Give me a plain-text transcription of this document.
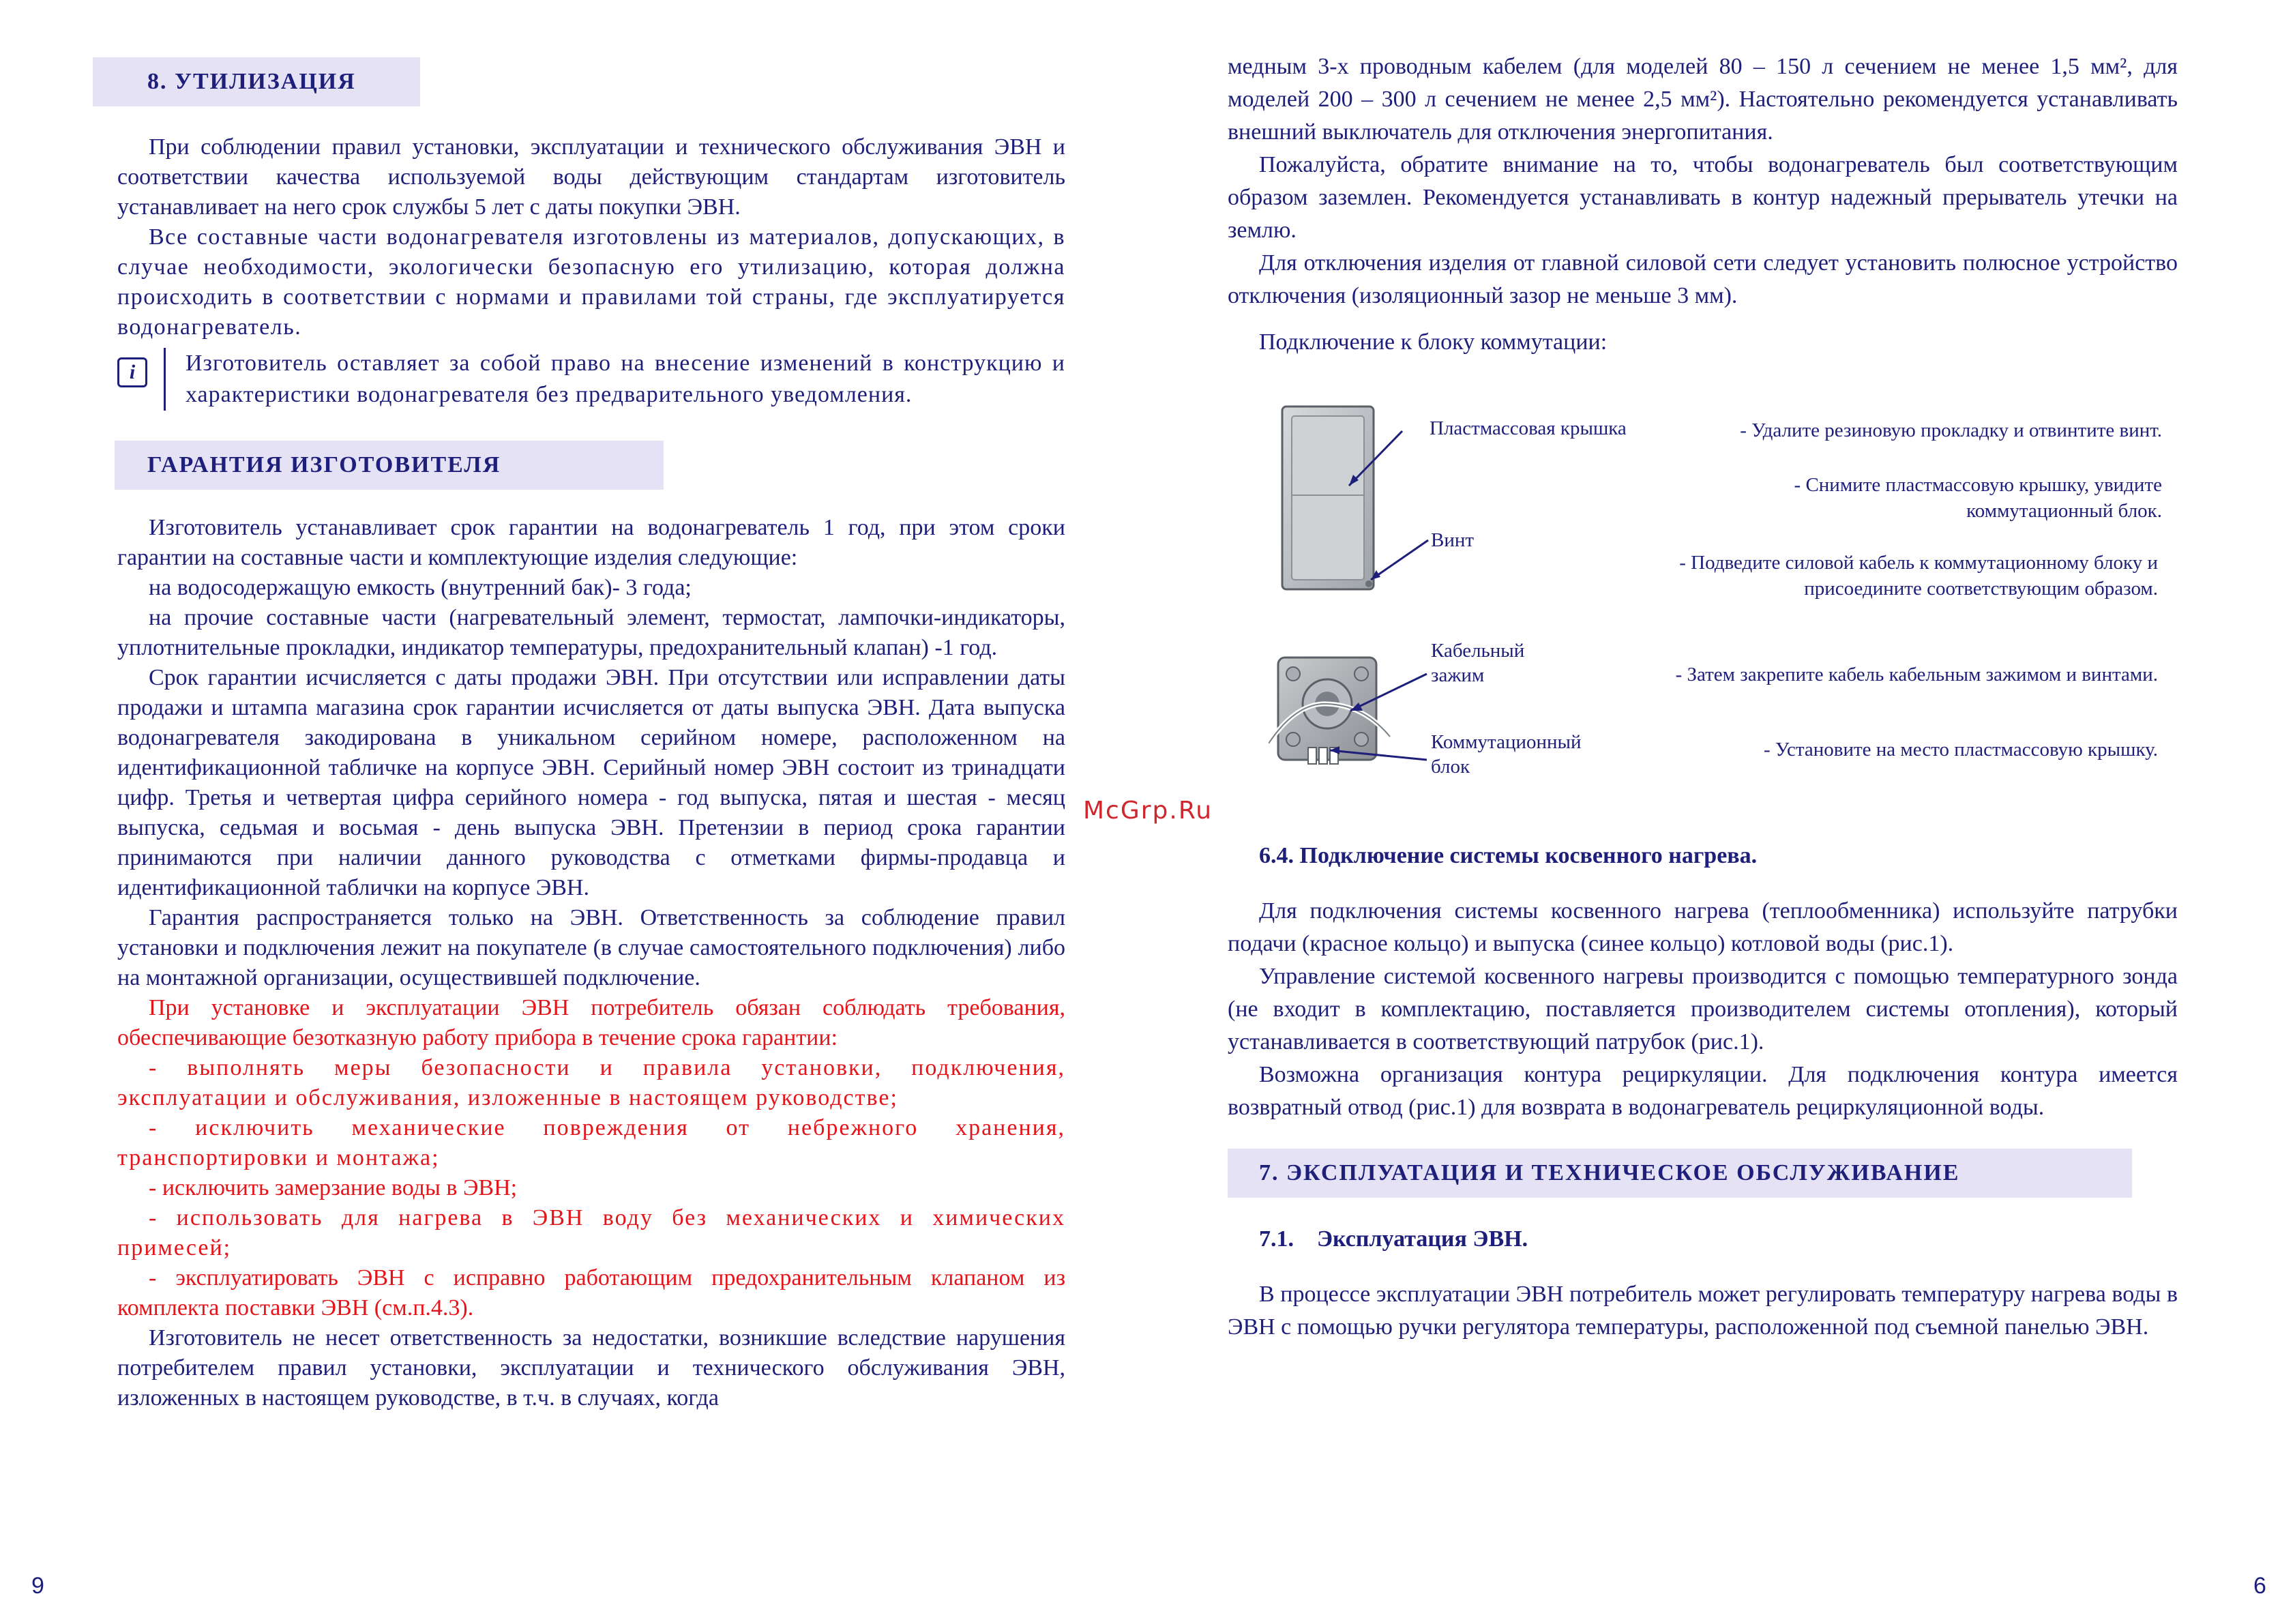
8. УТИЛИЗАЦИЯ

При соблюдении правил установки, эксплуатации и технического обслуживания ЭВН и соответствии качества используемой воды действующим стандартам изготовитель устанавливает на него срок службы 5 лет с даты покупки ЭВН.

Все составные части водонагревателя изготовлены из материалов, допускающих, в случае необходимости, экологически безопасную его утилизацию, которая должна происходить в соответствии с нормами и правилами той страны, где эксплуатируется водонагреватель.

i	Изготовитель оставляет за собой право на внесение изменений в конструкцию и характеристики водонагревателя без предварительного уведомления.

ГАРАНТИЯ ИЗГОТОВИТЕЛЯ

Изготовитель устанавливает срок гарантии на водонагреватель 1 год, при этом сроки гарантии на составные части и комплектующие изделия следующие:

на водосодержащую емкость (внутренний бак)- 3 года;

на прочие составные части (нагревательный элемент, термостат, лампочки-индикаторы, уплотнительные прокладки, индикатор температуры, предохранительный клапан) -1 год.

Срок гарантии исчисляется с даты продажи ЭВН. При отсутствии или исправлении даты продажи и штампа магазина срок гарантии исчисляется от даты выпуска ЭВН. Дата выпуска водонагревателя закодирована в уникальном серийном номере, расположенном на идентификационной табличке на корпусе ЭВН. Серийный номер ЭВН состоит из тринадцати цифр. Третья и четвертая цифра серийного номера - год выпуска, пятая и шестая - месяц выпуска, седьмая и восьмая - день выпуска ЭВН. Претензии в период срока гарантии принимаются при наличии данного руководства с отметками фирмы-продавца и идентификационной таблички на корпусе ЭВН.

Гарантия распространяется только на ЭВН. Ответственность за соблюдение правил установки и подключения лежит на покупателе (в случае самостоятельного подключения) либо на монтажной организации, осуществившей подключение.

При установке и эксплуатации ЭВН потребитель обязан соблюдать требования, обеспечивающие безотказную работу прибора в течение срока гарантии:

- выполнять меры безопасности и правила установки, подключения, эксплуатации и обслуживания, изложенные в настоящем руководстве;

- исключить механические повреждения от небрежного хранения, транспортировки и монтажа;

- исключить замерзание воды в ЭВН;

- использовать для нагрева в ЭВН воду без механических и химических примесей;

- эксплуатировать ЭВН с исправно работающим предохранительным клапаном из комплекта поставки ЭВН (см.п.4.3).

Изготовитель не несет ответственность за недостатки, возникшие вследствие нарушения потребителем правил установки, эксплуатации и технического обслуживания ЭВН, изложенных в настоящем руководстве, в т.ч. в случаях, когда

9
McGrp.Ru

медным 3-х проводным кабелем (для моделей 80 – 150 л сечением не менее 1,5 мм², для моделей 200 – 300 л сечением не менее 2,5 мм²). Настоятельно рекомендуется устанавливать внешний выключатель для отключения энергопитания.

Пожалуйста, обратите внимание на то, чтобы водонагреватель был соответствующим образом заземлен. Рекомендуется устанавливать в контур надежный прерыватель утечки на землю.

Для отключения изделия от главной силовой сети следует установить полюсное устройство отключения (изоляционный зазор не меньше 3 мм).

Подключение к блоку коммутации:

Пластмассовая крышка
Винт
Кабельный зажим
Коммутационный блок
- Удалите резиновую прокладку и отвинтите винт.
- Снимите пластмассовую крышку, увидите коммутационный блок.
- Подведите силовой кабель к коммутационному блоку и присоедините соответствующим образом.
- Затем закрепите кабель кабельным зажимом и винтами.
- Установите на место пластмассовую крышку.

6.4. Подключение системы косвенного нагрева.

Для подключения системы косвенного нагрева (теплообменника) используйте патрубки подачи (красное кольцо) и выпуска (синее кольцо) котловой воды (рис.1).

Управление системой косвенного нагревы производится с помощью температурного зонда (не входит в комплектацию, поставляется производителем системы отопления), который устанавливается в соответствующий патрубок (рис.1).

Возможна организация контура рециркуляции. Для подключения контура имеется возвратный отвод (рис.1) для возврата в водонагреватель рециркуляционной воды.

7. ЭКСПЛУАТАЦИЯ И ТЕХНИЧЕСКОЕ ОБСЛУЖИВАНИЕ

7.1.    Эксплуатация ЭВН.

В процессе эксплуатации ЭВН потребитель может регулировать температуру нагрева воды в ЭВН с помощью ручки регулятора температуры, расположенной под съемной панелью ЭВН.

6
